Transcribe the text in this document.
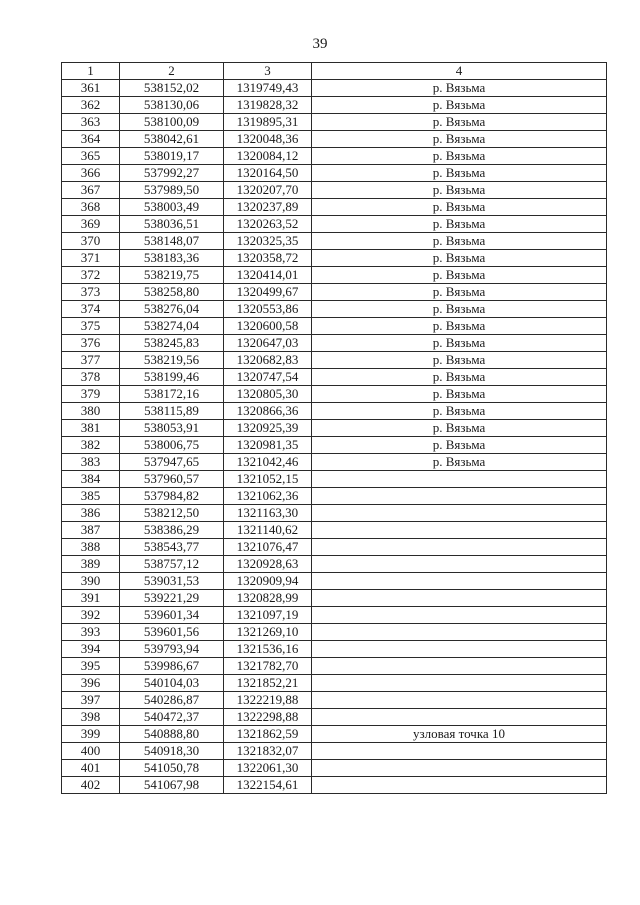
39
1	2	3	4
361	538152,02	1319749,43	р. Вязьма
362	538130,06	1319828,32	р. Вязьма
363	538100,09	1319895,31	р. Вязьма
364	538042,61	1320048,36	р. Вязьма
365	538019,17	1320084,12	р. Вязьма
366	537992,27	1320164,50	р. Вязьма
367	537989,50	1320207,70	р. Вязьма
368	538003,49	1320237,89	р. Вязьма
369	538036,51	1320263,52	р. Вязьма
370	538148,07	1320325,35	р. Вязьма
371	538183,36	1320358,72	р. Вязьма
372	538219,75	1320414,01	р. Вязьма
373	538258,80	1320499,67	р. Вязьма
374	538276,04	1320553,86	р. Вязьма
375	538274,04	1320600,58	р. Вязьма
376	538245,83	1320647,03	р. Вязьма
377	538219,56	1320682,83	р. Вязьма
378	538199,46	1320747,54	р. Вязьма
379	538172,16	1320805,30	р. Вязьма
380	538115,89	1320866,36	р. Вязьма
381	538053,91	1320925,39	р. Вязьма
382	538006,75	1320981,35	р. Вязьма
383	537947,65	1321042,46	р. Вязьма
384	537960,57	1321052,15	
385	537984,82	1321062,36	
386	538212,50	1321163,30	
387	538386,29	1321140,62	
388	538543,77	1321076,47	
389	538757,12	1320928,63	
390	539031,53	1320909,94	
391	539221,29	1320828,99	
392	539601,34	1321097,19	
393	539601,56	1321269,10	
394	539793,94	1321536,16	
395	539986,67	1321782,70	
396	540104,03	1321852,21	
397	540286,87	1322219,88	
398	540472,37	1322298,88	
399	540888,80	1321862,59	узловая точка 10
400	540918,30	1321832,07	
401	541050,78	1322061,30	
402	541067,98	1322154,61	
